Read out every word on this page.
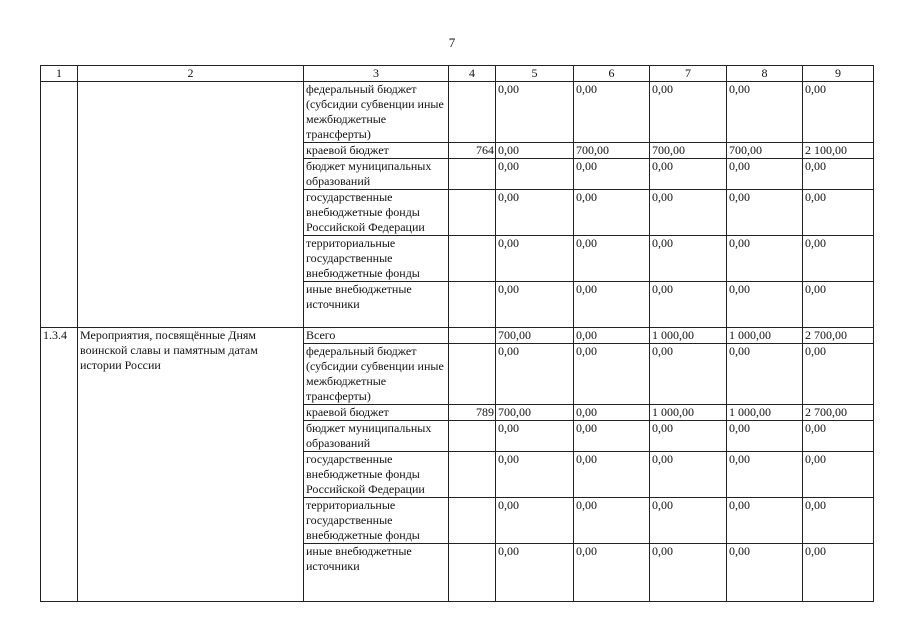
7
1	2	3	4	5	6	7	8	9
		федеральный бюджет (субсидии субвенции иные межбюджетные трансферты)		0,00	0,00	0,00	0,00	0,00
		краевой бюджет	764	0,00	700,00	700,00	700,00	2 100,00
		бюджет муниципальных образований		0,00	0,00	0,00	0,00	0,00
		государственные внебюджетные фонды Российской Федерации		0,00	0,00	0,00	0,00	0,00
		территориальные государственные внебюджетные фонды		0,00	0,00	0,00	0,00	0,00
		иные внебюджетные источники		0,00	0,00	0,00	0,00	0,00
1.3.4	Мероприятия, посвящённые Дням воинской славы и памятным датам истории России	Всего		700,00	0,00	1 000,00	1 000,00	2 700,00
		федеральный бюджет (субсидии субвенции иные межбюджетные трансферты)		0,00	0,00	0,00	0,00	0,00
		краевой бюджет	789	700,00	0,00	1 000,00	1 000,00	2 700,00
		бюджет муниципальных образований		0,00	0,00	0,00	0,00	0,00
		государственные внебюджетные фонды Российской Федерации		0,00	0,00	0,00	0,00	0,00
		территориальные государственные внебюджетные фонды		0,00	0,00	0,00	0,00	0,00
		иные внебюджетные источники		0,00	0,00	0,00	0,00	0,00
